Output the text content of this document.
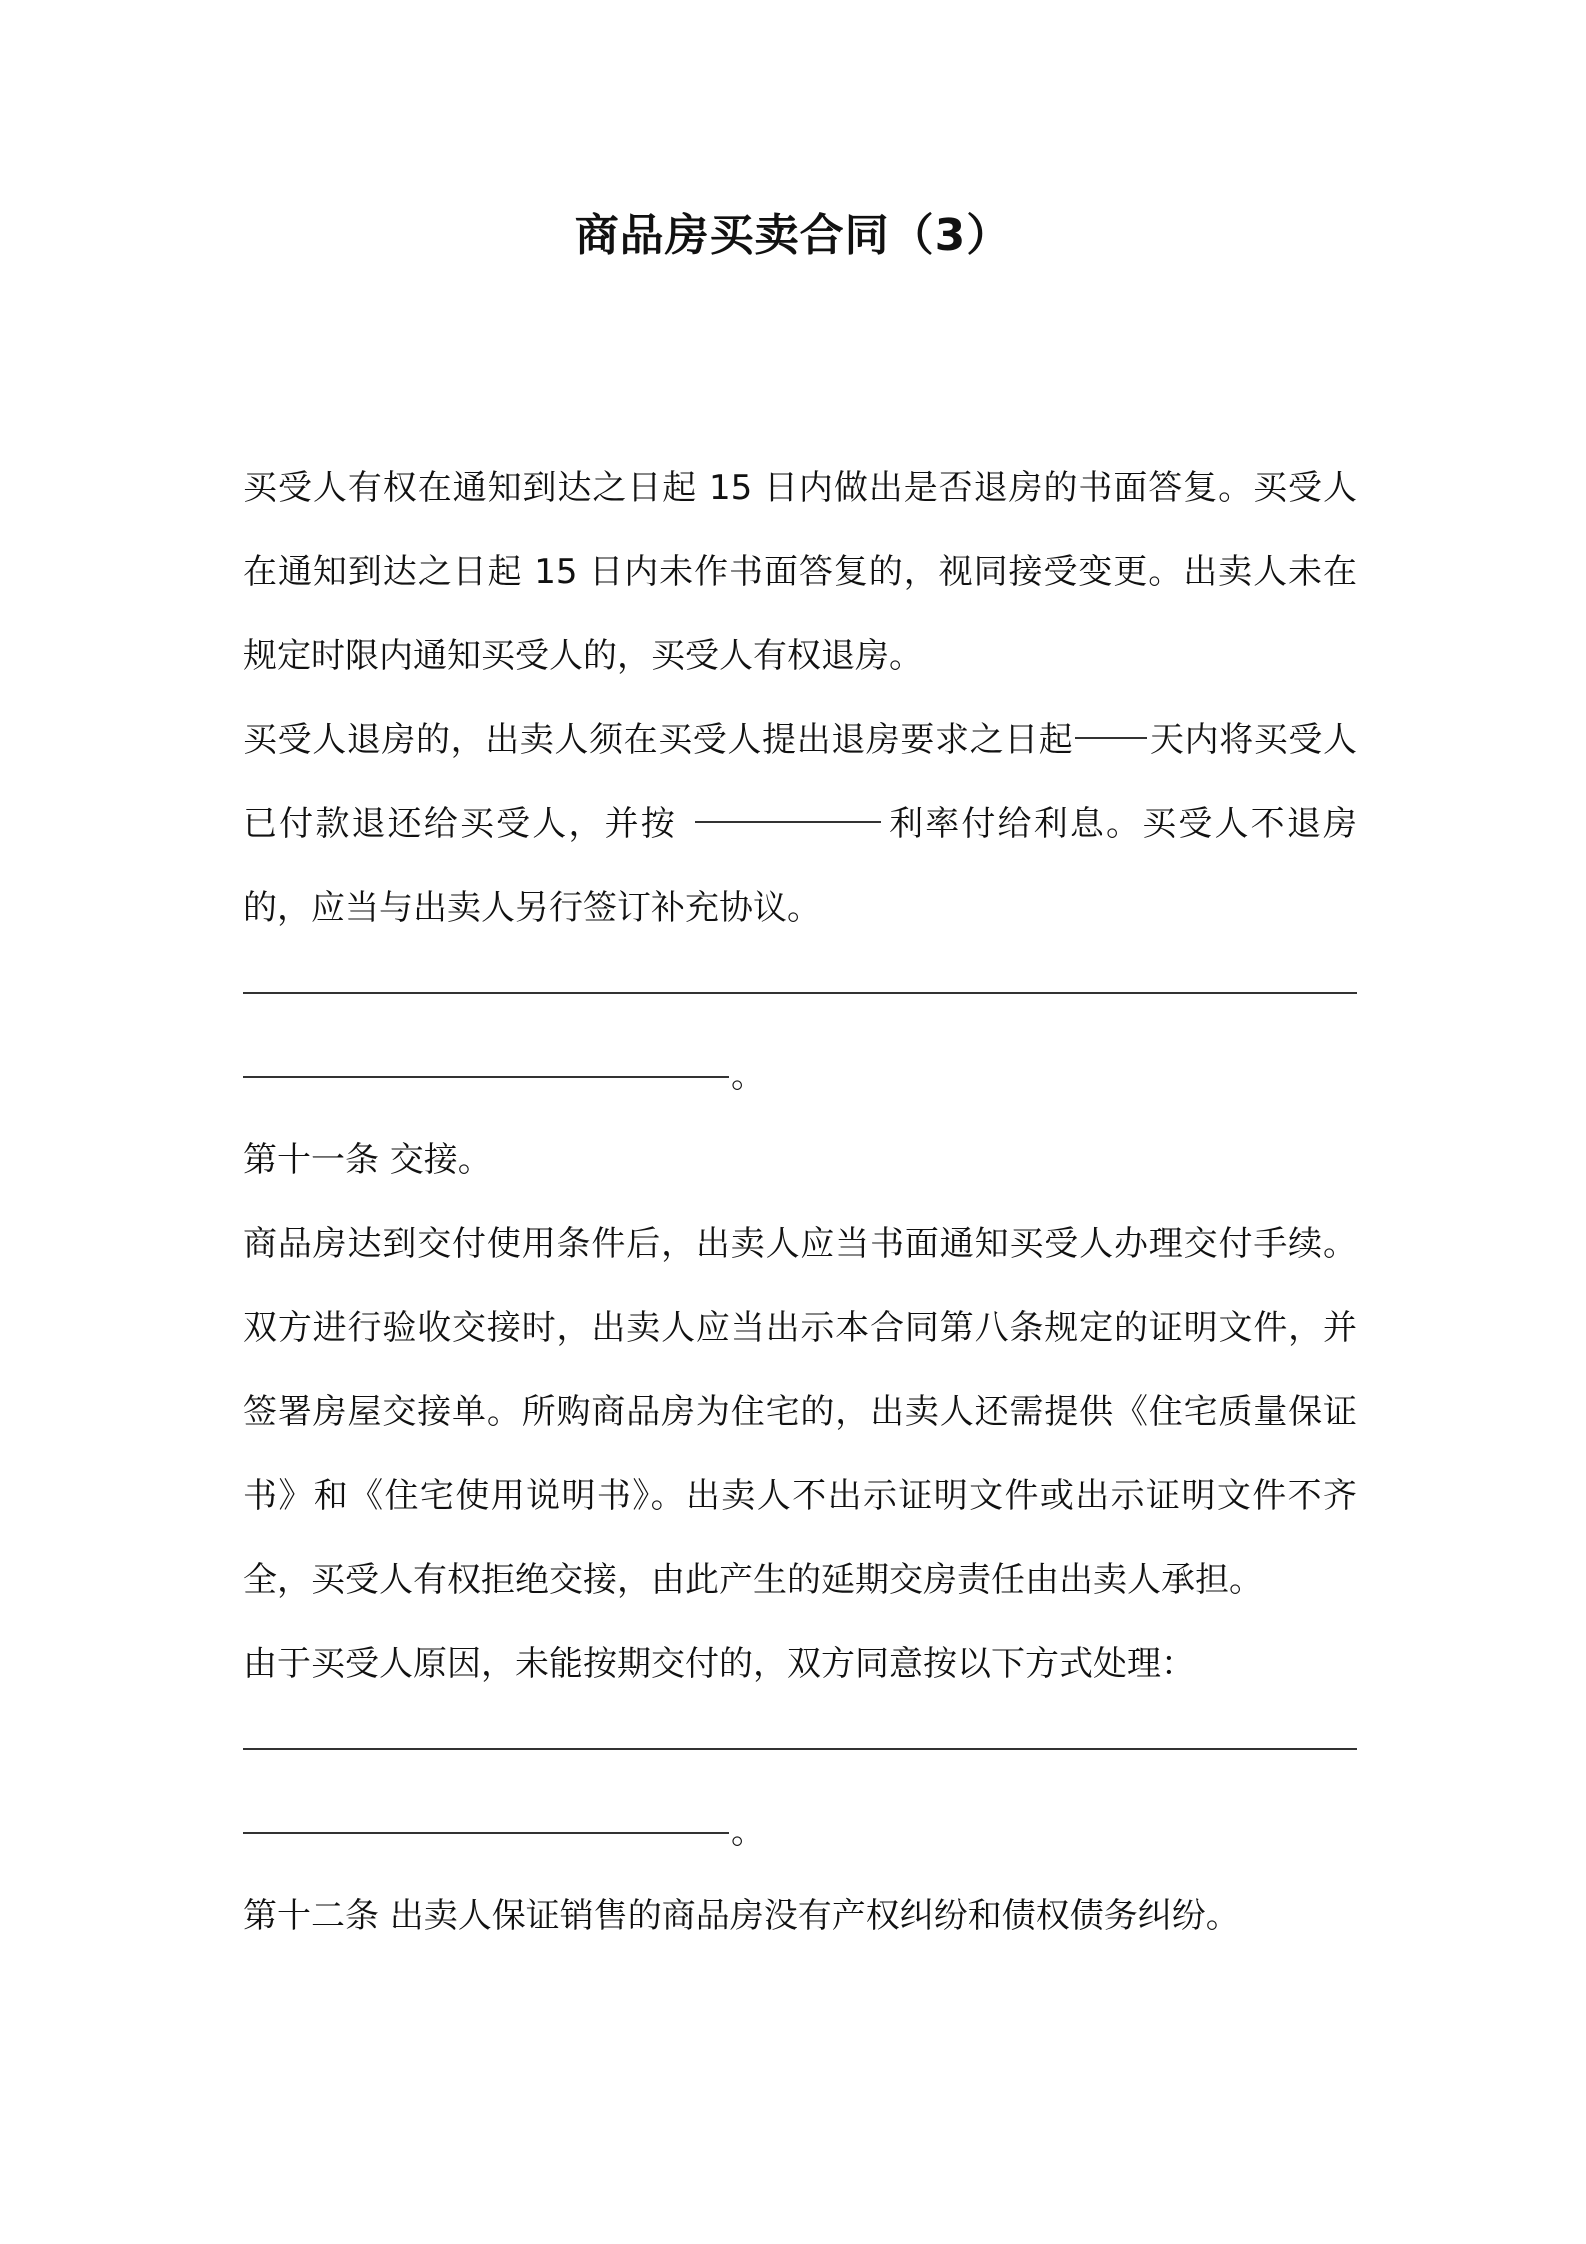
商品房买卖合同（3）

买受人有权在通知到达之日起 15 日内做出是否退房的书面答复。买受人在通知到达之日起 15 日内未作书面答复的，视同接受变更。出卖人未在规定时限内通知买受人的，买受人有权退房。

买受人退房的，出卖人须在买受人提出退房要求之日起 天内将买受人已付款退还给买受人，并按	利率付给利息。买受人不退房的，应当与出卖人另行签订补充协议。

。

第十一条 交接。

商品房达到交付使用条件后，出卖人应当书面通知买受人办理交付手续。双方进行验收交接时，出卖人应当出示本合同第八条规定的证明文件，并签署房屋交接单。所购商品房为住宅的，出卖人还需提供《住宅质量保证书》和《住宅使用说明书》。出卖人不出示证明文件或出示证明文件不齐全，买受人有权拒绝交接，由此产生的延期交房责任由出卖人承担。

由于买受人原因，未能按期交付的，双方同意按以下方式处理：

。

第十二条 出卖人保证销售的商品房没有产权纠纷和债权债务纠纷。
